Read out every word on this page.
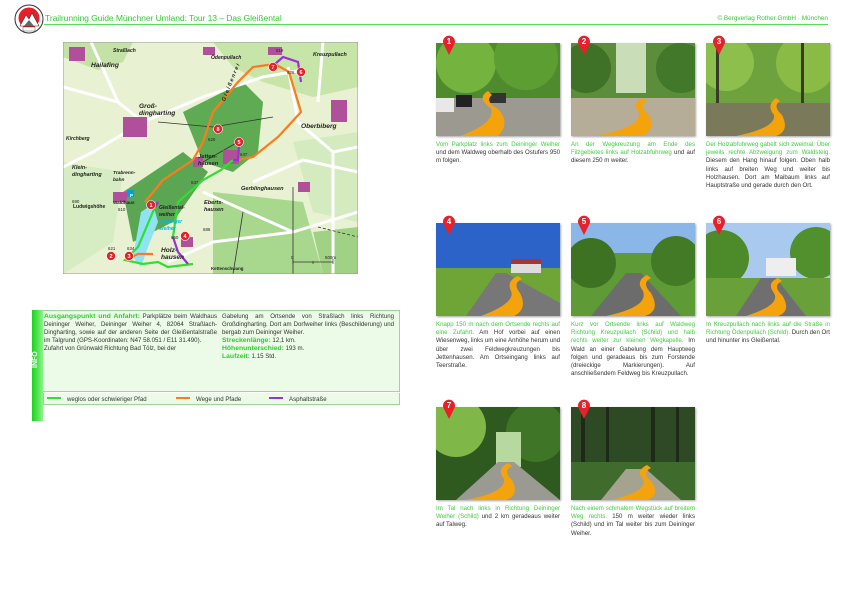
Trailrunning Guide Münchner Umland: Tour 13 – Das Gleißental	© Bergverlag Rother GmbH · München
1
2	3
4
5
6
7
8
P
Straßlach
Hailafing
Groß-
dingharting
Kirchberg
Klein-
dingharting Trabrenn-
bahn
690
Ludwigshöhe
Waldhaus
610	Gleißental-
weiher
Deininger
Weiher
Ödenpullach	Kreuzpullach
Oberbiberg
Jetten-
hausen
Gerblinghausen
Eberts-
hausen
Holz-
hausen
Kettenschwang
G l e i ß e n r e i
619
626
620
647
637
686
660
621	634
0	500m
INFO
Ausgangspunkt und Anfahrt: Parkplätze beim Waldhaus Deininger Weiher, Deininger Weiher 4, 82064 Straßlach-Dingharting, sowie auf der anderen Seite der Gleißentalstraße im Talgrund (GPS-Koordinaten: N47 58.051 / E11 31.490).
Zufahrt von Grünwald Richtung Bad Tölz, bei der
Gabelung am Ortsende von Straßlach links Richtung Großdingharting. Dort am Dorfweiher links (Beschilderung) und bergab zum Deininger Weiher.
Streckenlänge: 12,1 km.
Höhenunterschied: 193 m.
Laufzeit: 1.15 Std.
weglos oder schwieriger Pfad	Wege und Pfade	Asphaltstraße
1
Vom Parkplatz links zum Deininger Weiher und dem Waldweg oberhalb des Ostufers 950 m folgen.
2
An der Wegkreuzung am Ende des Filzgebietes links auf Holzabfuhrweg und auf diesem 250 m weiter.
3
Der Holzabfuhrweg gabelt sich zweimal. Über jeweils rechte Abzweigung zum Waldsteig. Diesem den Hang hinauf folgen. Oben halb links auf breiten Weg und weiter bis Holzhausen. Dort am Maibaum links auf Hauptstraße und gerade durch den Ort.
4
Knapp 150 m nach dem Ortsende rechts auf eine Zufahrt. Am Hof vorbei auf einen Wiesenweg, links um eine Anhöhe herum und über zwei Feldwegkreuzungen bis Jettenhausen. Am Ortseingang links auf Teerstraße.
5
Kurz vor Ortsende links auf Waldweg Richtung Kreuzpullach (Schild) und halb rechts weiter zur kleinen Wegkapelle. Im Wald an einer Gabelung dem Hauptweg folgen und geradeaus bis zum Forstende (dreieckige Markierungen). Auf anschließendem Feldweg bis Kreuzpullach.
6
In Kreuzpullach nach links auf die Straße in Richtung Ödenpullach (Schild). Durch den Ort und hinunter ins Gleißental.
7
Im Tal nach links in Richtung Deininger Weiher (Schild) und 2 km geradeaus weiter auf Talweg.
8
Nach einem schmalem Wegstück auf breitem Weg rechts. 150 m weiter wieder links (Schild) und im Tal weiter bis zum Deininger Weiher.
